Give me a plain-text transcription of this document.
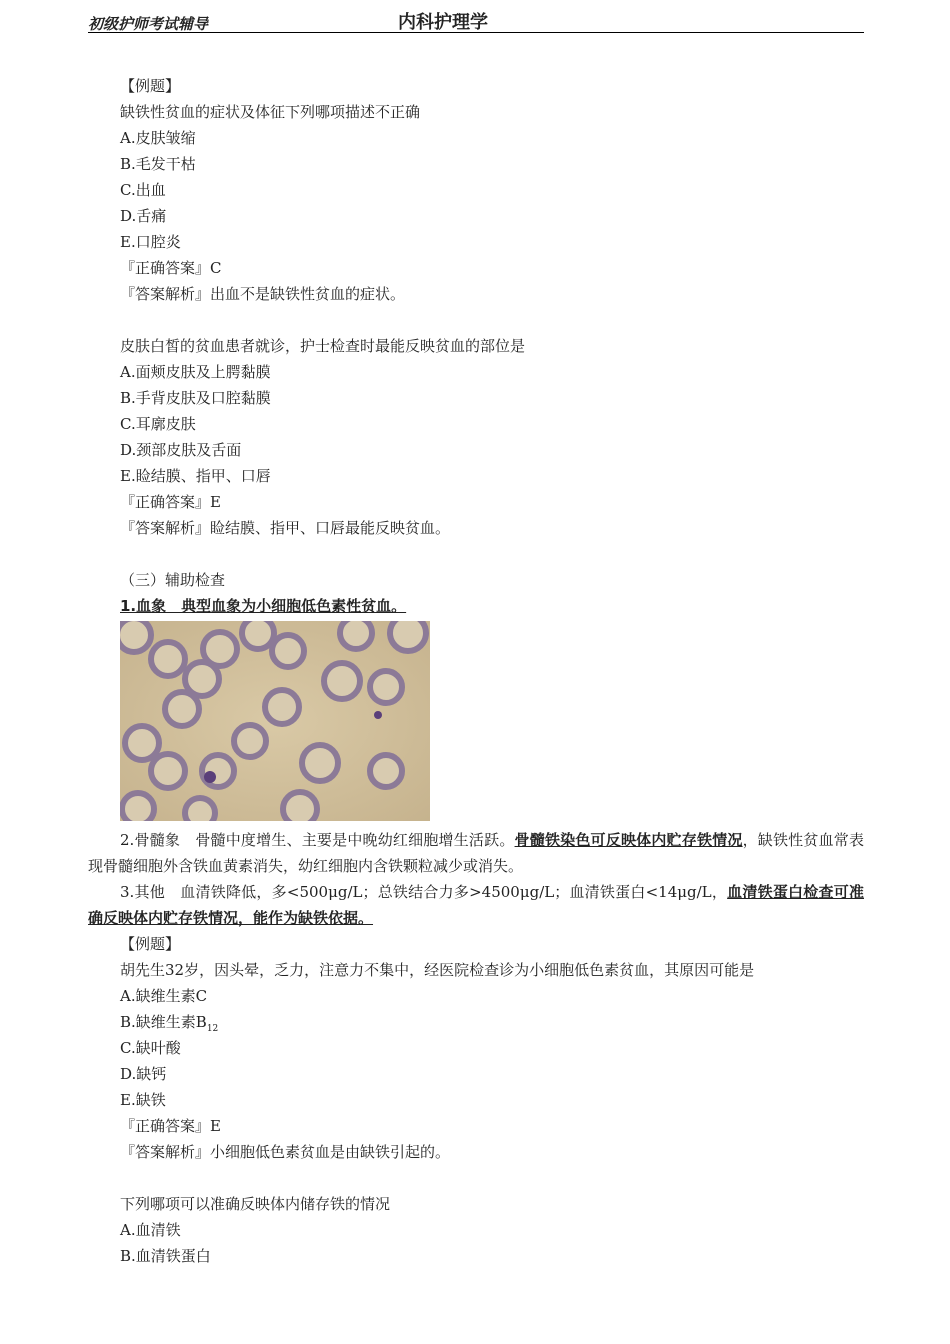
初级护师考试辅导	内科护理学
【例题】
缺铁性贫血的症状及体征下列哪项描述不正确
A.皮肤皱缩
B.毛发干枯
C.出血
D.舌痛
E.口腔炎
『正确答案』C
『答案解析』出血不是缺铁性贫血的症状。
皮肤白皙的贫血患者就诊，护士检查时最能反映贫血的部位是
A.面颊皮肤及上腭黏膜
B.手背皮肤及口腔黏膜
C.耳廓皮肤
D.颈部皮肤及舌面
E.睑结膜、指甲、口唇
『正确答案』E
『答案解析』睑结膜、指甲、口唇最能反映贫血。
（三）辅助检查
1.血象　典型血象为小细胞低色素性贫血。
2.骨髓象　骨髓中度增生、主要是中晚幼红细胞增生活跃。骨髓铁染色可反映体内贮存铁情况，缺铁性贫血常表现骨髓细胞外含铁血黄素消失，幼红细胞内含铁颗粒减少或消失。
3.其他　血清铁降低，多<500μg/L；总铁结合力多>4500μg/L；血清铁蛋白<14μg/L，血清铁蛋白检查可准确反映体内贮存铁情况，能作为缺铁依据。
【例题】
胡先生32岁，因头晕，乏力，注意力不集中，经医院检查诊为小细胞低色素贫血，其原因可能是
A.缺维生素C
B.缺维生素$B_{12}$
C.缺叶酸
D.缺钙
E.缺铁
『正确答案』E
『答案解析』小细胞低色素贫血是由缺铁引起的。
下列哪项可以准确反映体内储存铁的情况
A.血清铁
B.血清铁蛋白
